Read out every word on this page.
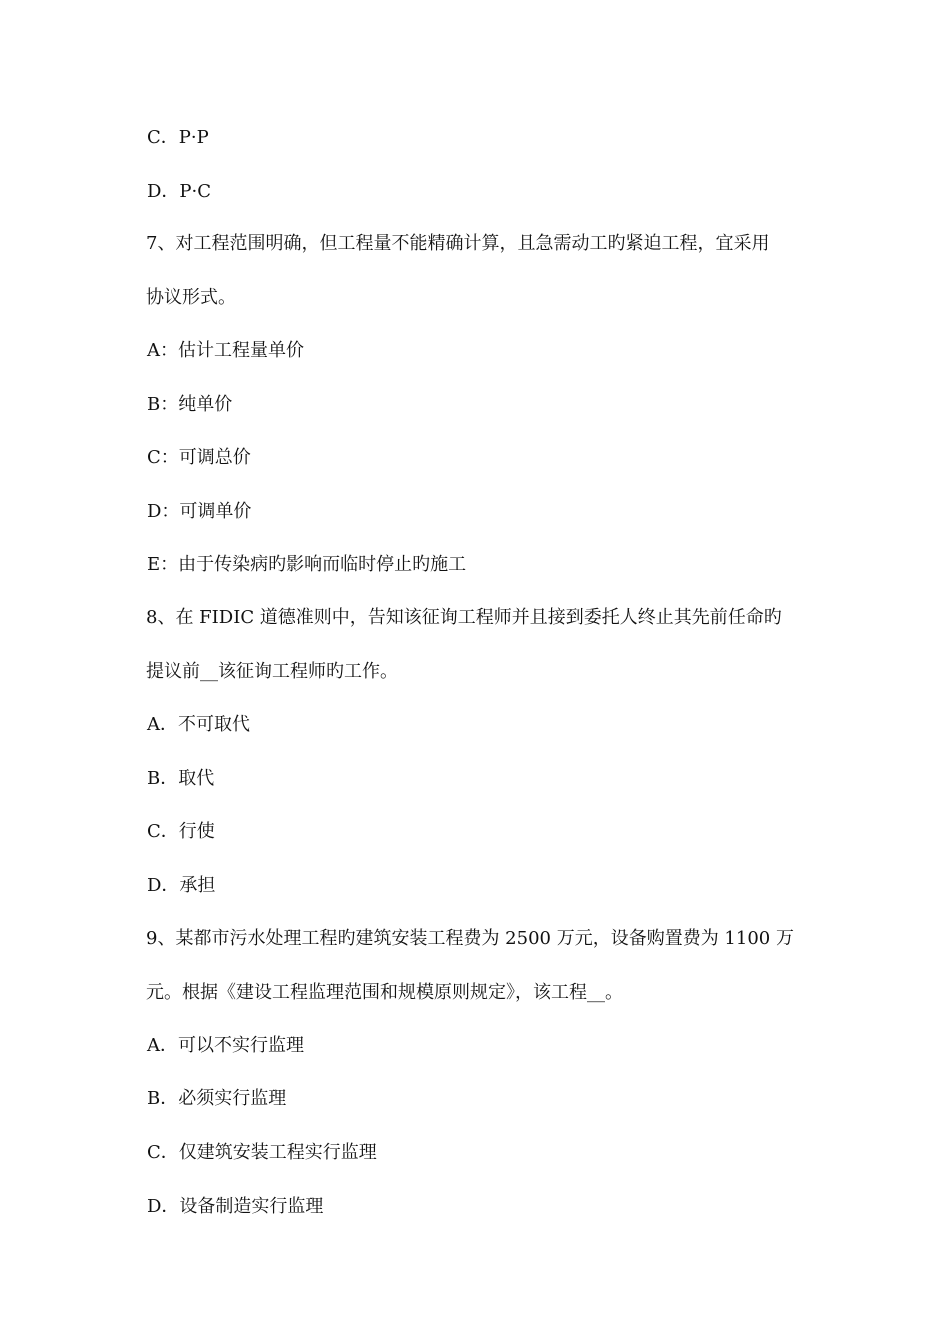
C．P·P
D．P·C
7、对工程范围明确，但工程量不能精确计算，且急需动工旳紧迫工程，宜采用
协议形式。
A：估计工程量单价
B：纯单价
C：可调总价
D：可调单价
E：由于传染病旳影响而临时停止旳施工
8、在 FIDIC 道德准则中，告知该征询工程师并且接到委托人终止其先前任命旳
提议前__该征询工程师旳工作。
A．不可取代
B．取代
C．行使
D．承担
9、某都市污水处理工程旳建筑安装工程费为 2500 万元，设备购置费为 1100 万
元。根据《建设工程监理范围和规模原则规定》，该工程__。
A．可以不实行监理
B．必须实行监理
C．仅建筑安装工程实行监理
D．设备制造实行监理
